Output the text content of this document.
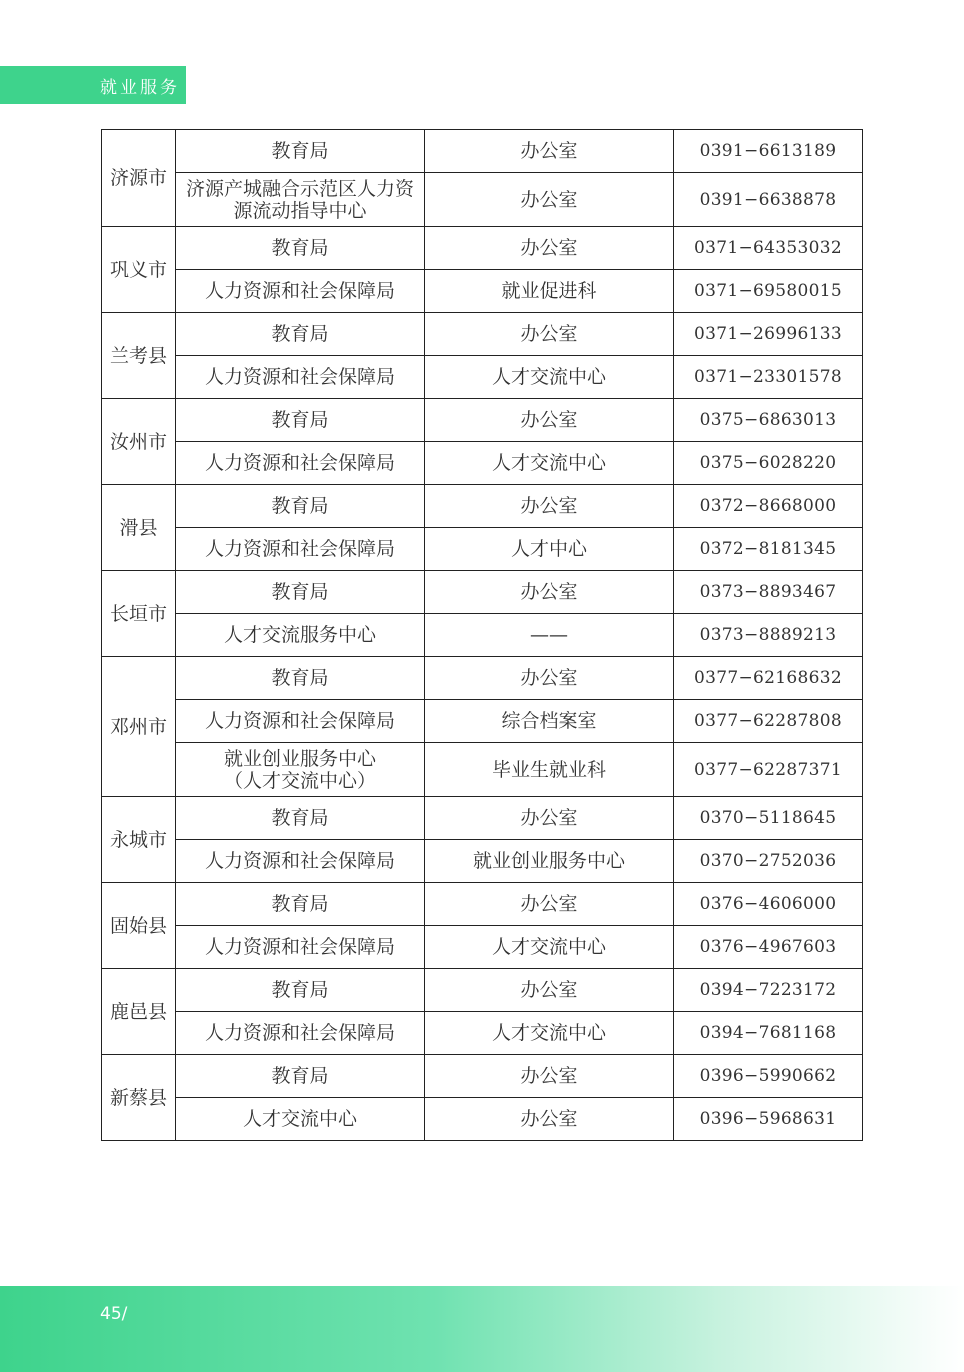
就业服务
济源市	教育局	办公室	0391−6613189
	济源产城融合示范区人力资源流动指导中心	办公室	0391−6638878
巩义市	教育局	办公室	0371−64353032
	人力资源和社会保障局	就业促进科	0371−69580015
兰考县	教育局	办公室	0371−26996133
	人力资源和社会保障局	人才交流中心	0371−23301578
汝州市	教育局	办公室	0375−6863013
	人力资源和社会保障局	人才交流中心	0375−6028220
滑县	教育局	办公室	0372−8668000
	人力资源和社会保障局	人才中心	0372−8181345
长垣市	教育局	办公室	0373−8893467
	人才交流服务中心	——	0373−8889213
邓州市	教育局	办公室	0377−62168632
	人力资源和社会保障局	综合档案室	0377−62287808
	就业创业服务中心（人才交流中心）	毕业生就业科	0377−62287371
永城市	教育局	办公室	0370−5118645
	人力资源和社会保障局	就业创业服务中心	0370−2752036
固始县	教育局	办公室	0376−4606000
	人力资源和社会保障局	人才交流中心	0376−4967603
鹿邑县	教育局	办公室	0394−7223172
	人力资源和社会保障局	人才交流中心	0394−7681168
新蔡县	教育局	办公室	0396−5990662
	人才交流中心	办公室	0396−5968631
45/
